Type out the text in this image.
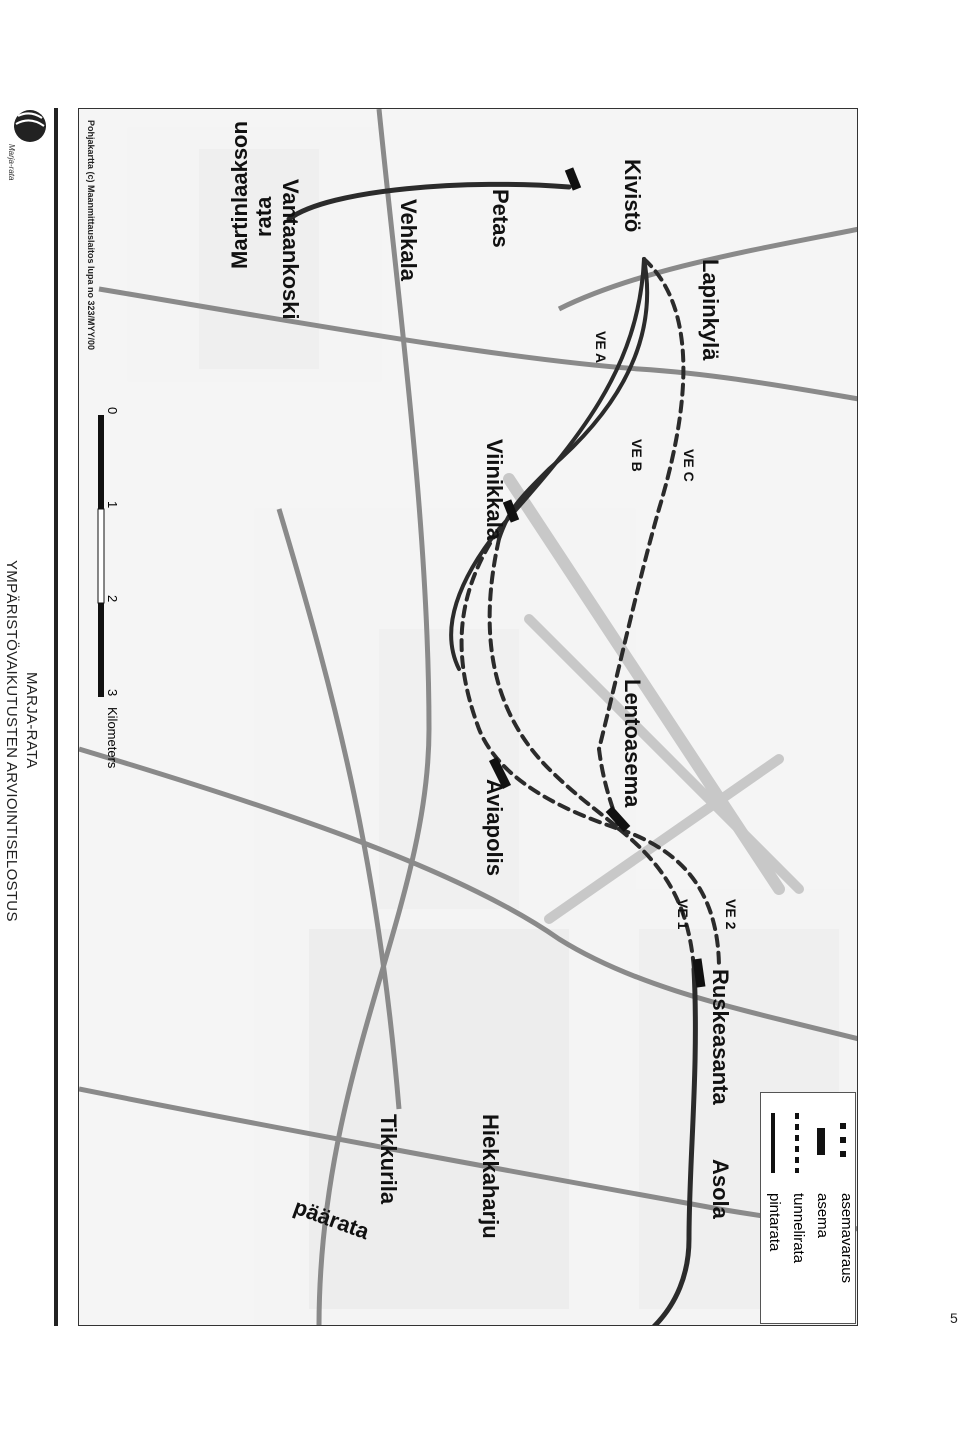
MARJA-RATA
YMPÄRISTÖVAIKUTUSTEN ARVIOINTISELOSTUS
5
Marja-rata	Kivistö
Lapinkylä
Petas
Vehkala
Vantaankoski
Martinlaakson rata
Viinikkala
Lentoasema
Aviapolis
Ruskeasanta
Asola
Hiekkaharju
Tikkurila
päärata
VE A
VE B	VE C
VE 1 VE 2
Pohjakartta (c) Maanmittauslaitos lupa no 323/MYY/00
0
1
2
3
Kilometers
pintarata tunnelirata asema asemavaraus
